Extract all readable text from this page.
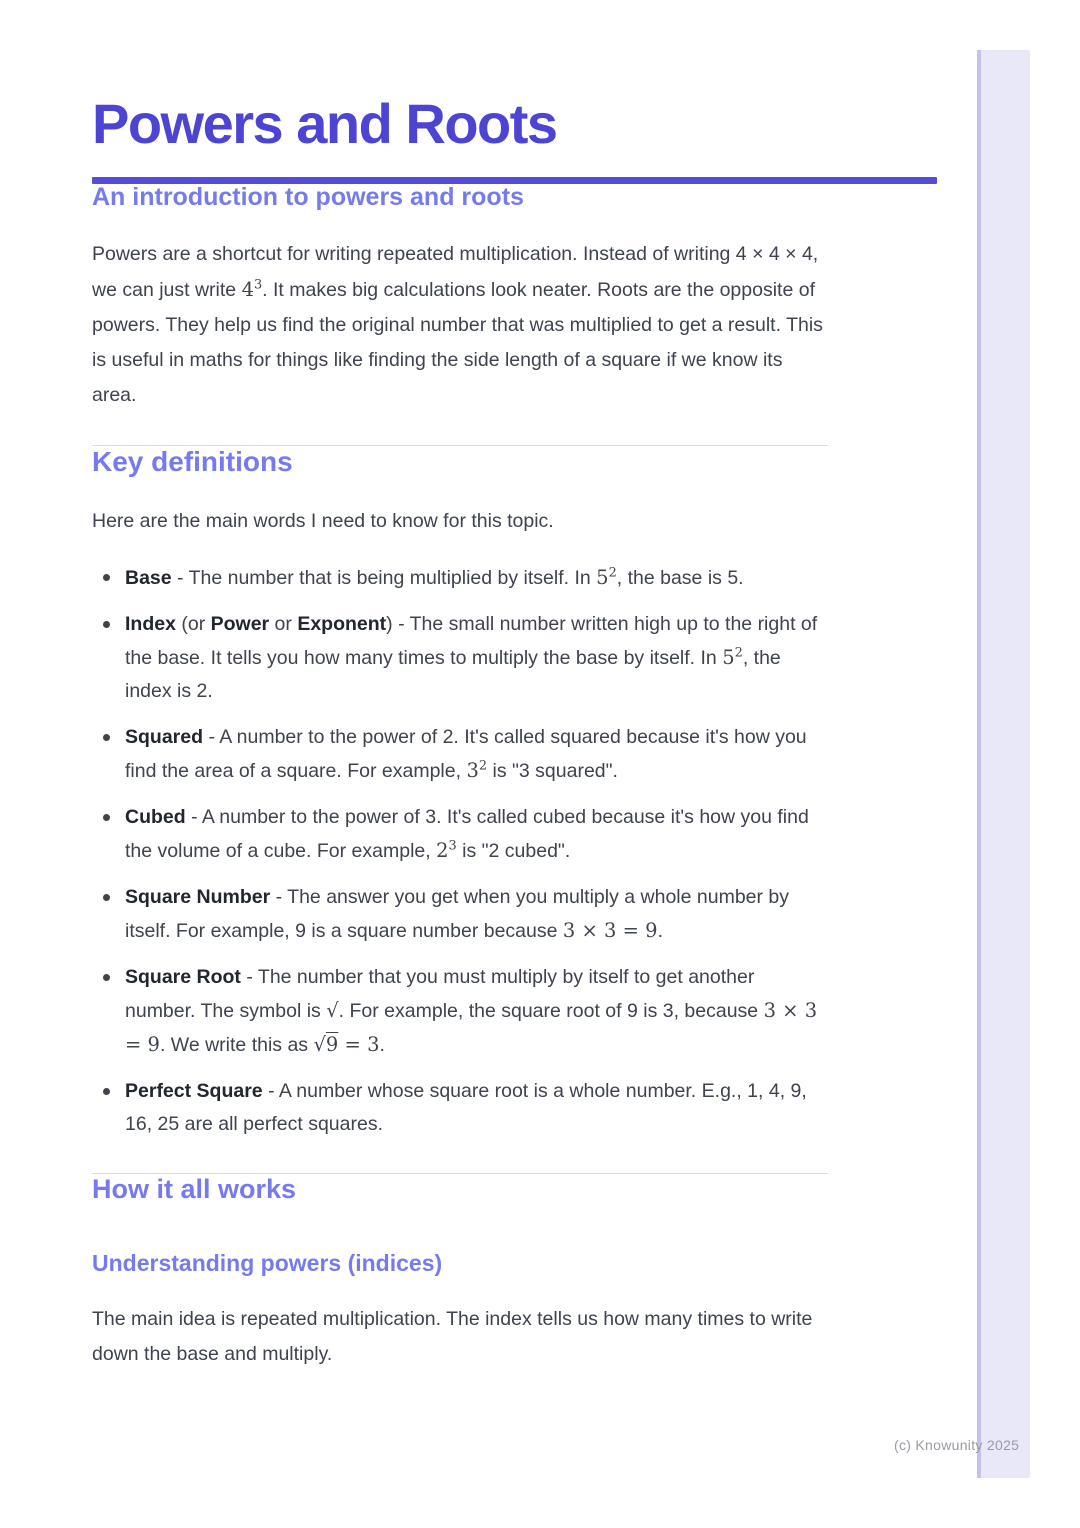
(c) Knowunity 2025
Powers and Roots
An introduction to powers and roots

Powers are a shortcut for writing repeated multiplication. Instead of writing 4 × 4 × 4, we can just write $4^3$. It makes big calculations look neater. Roots are the opposite of powers. They help us find the original number that was multiplied to get a result. This is useful in maths for things like finding the side length of a square if we know its area.

Key definitions

Here are the main words I need to know for this topic.

Base - The number that is being multiplied by itself. In $5^2$, the base is 5.
Index (or Power or Exponent) - The small number written high up to the right of the base. It tells you how many times to multiply the base by itself. In $5^2$, the index is 2.
Squared - A number to the power of 2. It's called squared because it's how you find the area of a square. For example, $3^2$ is "3 squared".
Cubed - A number to the power of 3. It's called cubed because it's how you find the volume of a cube. For example, $2^3$ is "2 cubed".
Square Number - The answer you get when you multiply a whole number by itself. For example, 9 is a square number because 3 × 3 = 9.
Square Root - The number that you must multiply by itself to get another number. The symbol is √. For example, the square root of 9 is 3, because 3 × 3 = 9. We write this as √9 = 3.
Perfect Square - A number whose square root is a whole number. E.g., 1, 4, 9, 16, 25 are all perfect squares.
How it all works
Understanding powers (indices)

The main idea is repeated multiplication. The index tells us how many times to write down the base and multiply.
